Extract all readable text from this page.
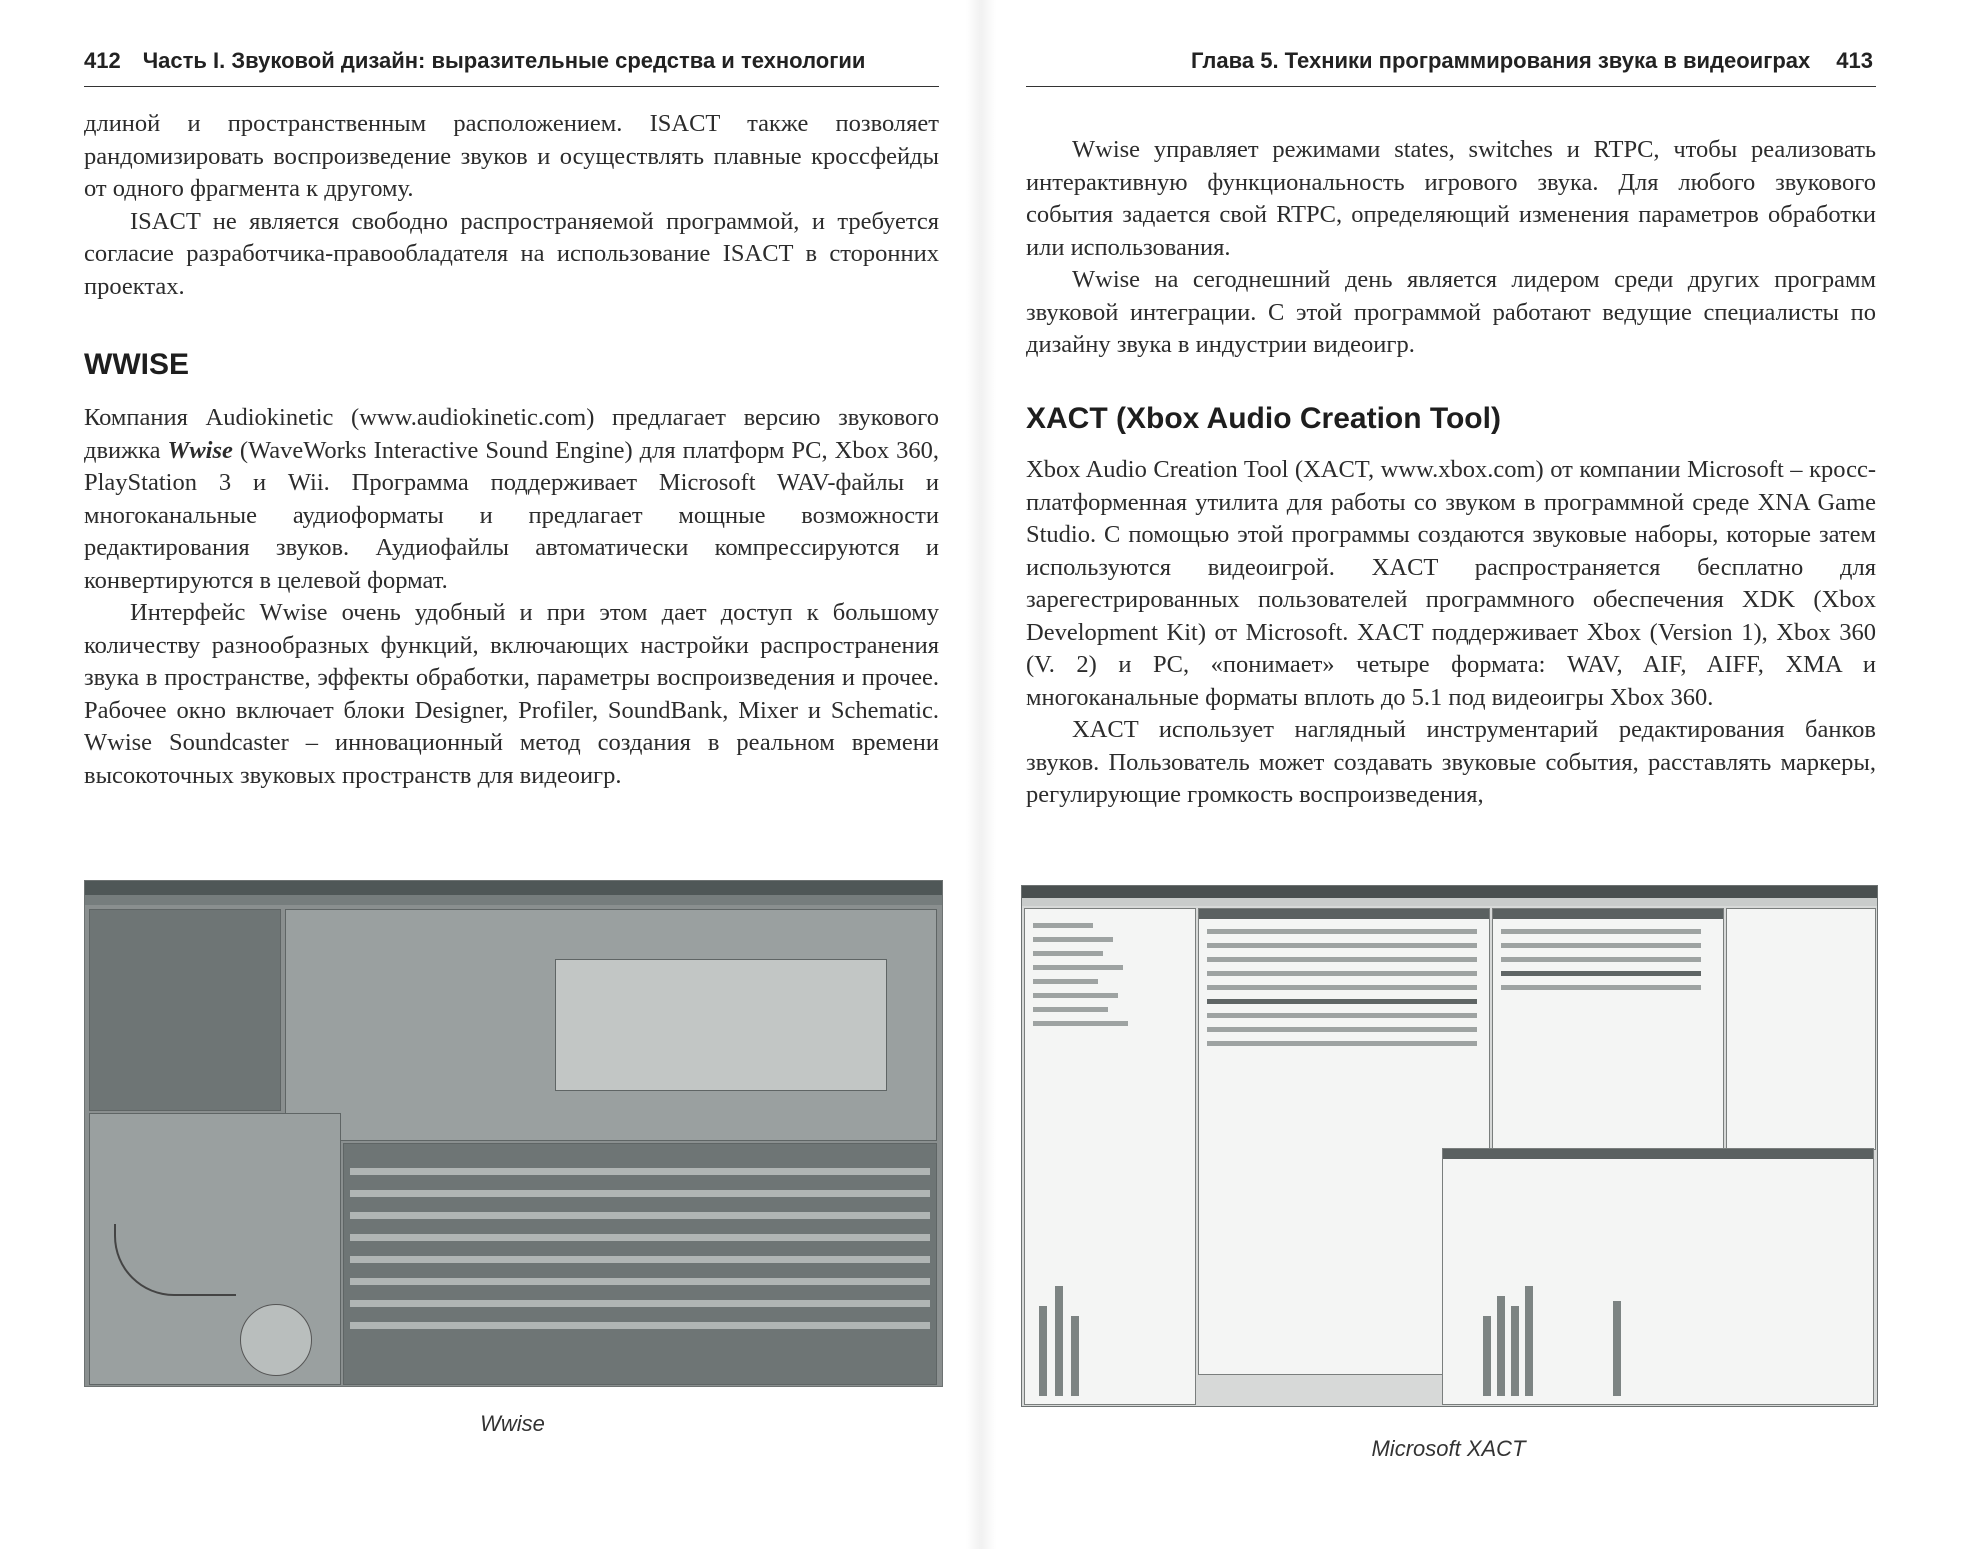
412 Часть I. Звуковой дизайн: выразительные средства и технологии

длиной и пространственным расположением. ISACT также позволяет рандомизировать воспроизведение звуков и осуществлять плавные кроссфейды от одного фрагмента к другому.

ISACT не является свободно распространяемой программой, и требуется согласие разработчика-правообладателя на использование ISACT в сторонних проектах.

WWISE

Компания Audiokinetic (www.audiokinetic.com) предлагает версию звукового движка Wwise (WaveWorks Interactive Sound Engine) для платформ PC, Xbox 360, PlayStation 3 и Wii. Программа поддерживает Microsoft WAV-файлы и многоканальные аудиоформаты и предлагает мощные возможности редактирования звуков. Аудиофайлы автоматически компрессируются и конвертируются в целевой формат.

Интерфейс Wwise очень удобный и при этом дает доступ к большому количеству разнообразных функций, включающих настройки распространения звука в пространстве, эффекты обработки, параметры воспроизведения и прочее. Рабочее окно включает блоки Designer, Profiler, SoundBank, Mixer и Schematic. Wwise Soundcaster – инновационный метод создания в реальном времени высокоточных звуковых пространств для видеоигр.

Wwise
Глава 5. Техники программирования звука в видеоиграх 413

Wwise управляет режимами states, switches и RTPC, чтобы реализовать интерактивную функциональность игрового звука. Для любого звукового события задается свой RTPC, определяющий изменения параметров обработки или использования.

Wwise на сегоднешний день является лидером среди других программ звуковой интеграции. С этой программой работают ведущие специалисты по дизайну звука в индустрии видеоигр.

XACT (Xbox Audio Creation Tool)

Xbox Audio Creation Tool (XACT, www.xbox.com) от компании Microsoft – кросс-платформенная утилита для работы со звуком в программной среде XNA Game Studio. С помощью этой программы создаются звуковые наборы, которые затем используются видеоигрой. XACT распространяется бесплатно для зарегестрированных пользователей программного обеспечения XDK (Xbox Development Kit) от Microsoft. XACT поддерживает Xbox (Version 1), Xbox 360 (V. 2) и PC, «понимает» четыре формата: WAV, AIF, AIFF, XMA и многоканальные форматы вплоть до 5.1 под видеоигры Xbox 360.

XACT использует наглядный инструментарий редактирования банков звуков. Пользователь может создавать звуковые события, расставлять маркеры, регулирующие громкость воспроизведения,

Microsoft XACT
